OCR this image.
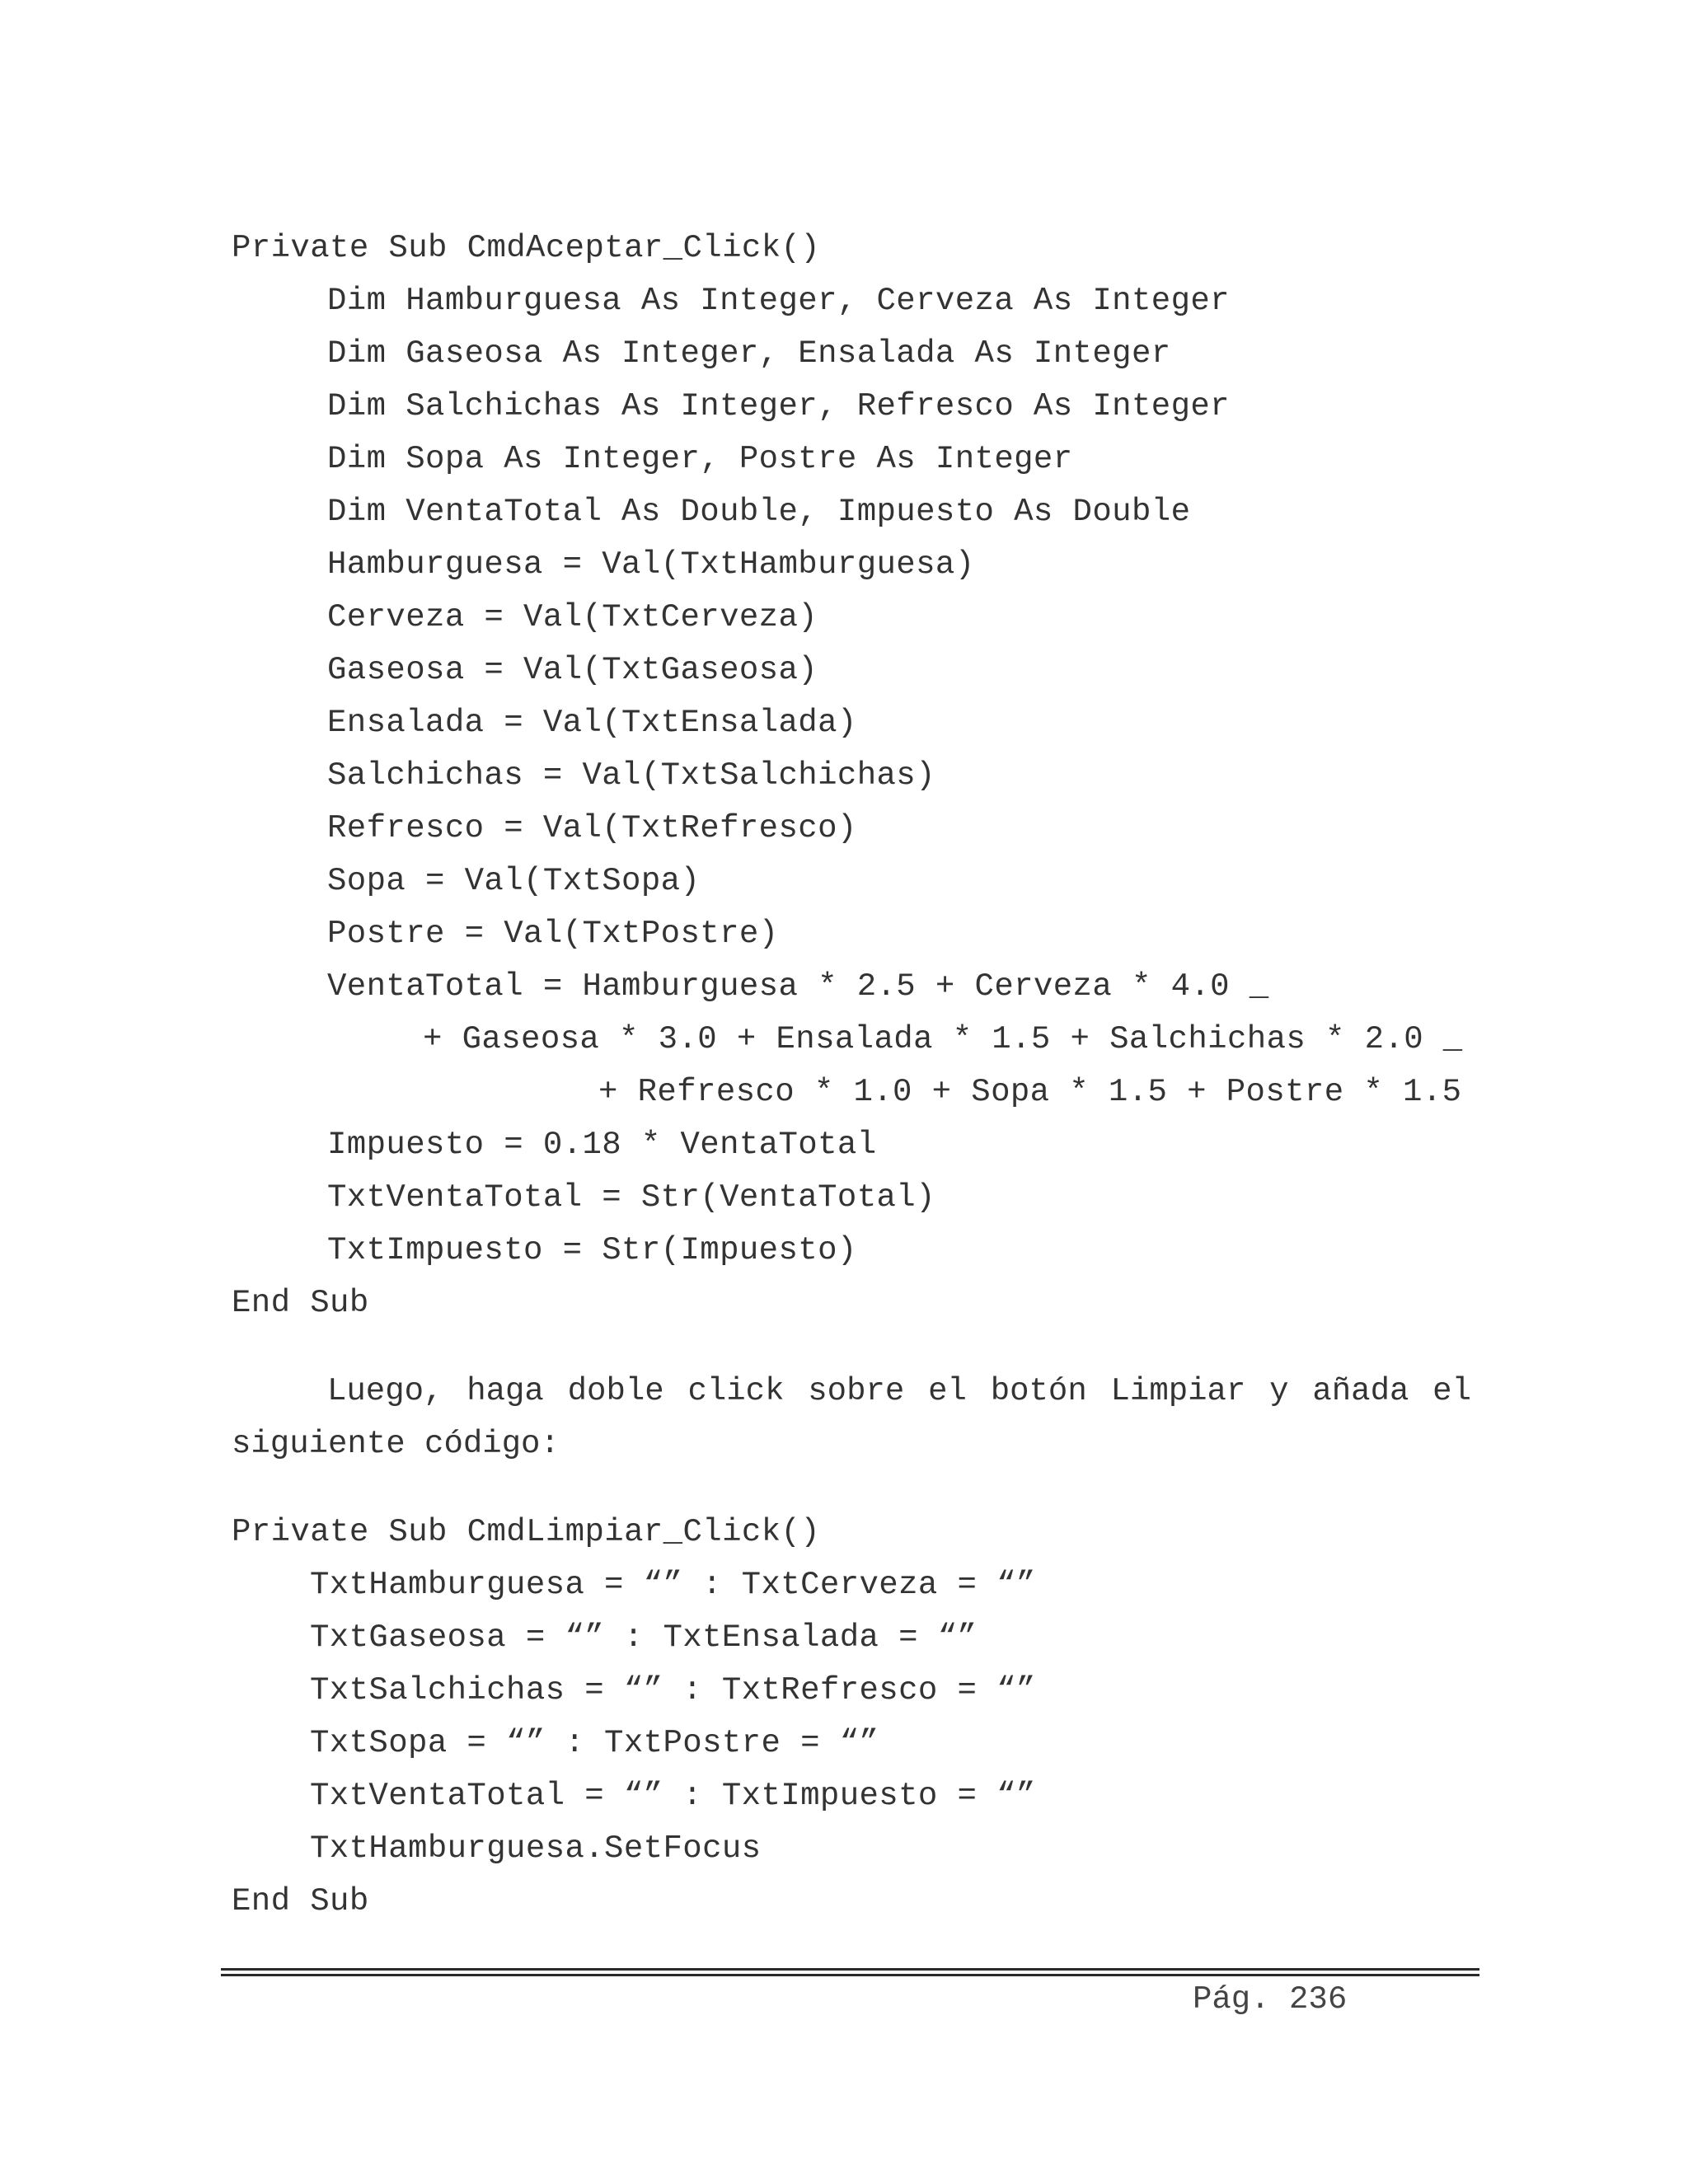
Private Sub CmdAceptar_Click()
Dim Hamburguesa As Integer, Cerveza As Integer
Dim Gaseosa As Integer, Ensalada As Integer
Dim Salchichas As Integer, Refresco As Integer
Dim Sopa As Integer, Postre As Integer
Dim VentaTotal As Double, Impuesto As Double
Hamburguesa = Val(TxtHamburguesa)
Cerveza = Val(TxtCerveza)
Gaseosa = Val(TxtGaseosa)
Ensalada = Val(TxtEnsalada)
Salchichas = Val(TxtSalchichas)
Refresco = Val(TxtRefresco)
Sopa = Val(TxtSopa)
Postre = Val(TxtPostre)
VentaTotal = Hamburguesa * 2.5 + Cerveza * 4.0 _
+ Gaseosa * 3.0 + Ensalada * 1.5 + Salchichas * 2.0 _
+ Refresco * 1.0 + Sopa * 1.5 + Postre * 1.5
Impuesto = 0.18 * VentaTotal
TxtVentaTotal = Str(VentaTotal)
TxtImpuesto = Str(Impuesto)
End Sub
Luego, haga doble click sobre el botón Limpiar y añada el
siguiente código:
Private Sub CmdLimpiar_Click()
TxtHamburguesa = “” : TxtCerveza = “”
TxtGaseosa = “” : TxtEnsalada = “”
TxtSalchichas = “” : TxtRefresco = “”
TxtSopa = “” : TxtPostre = “”
TxtVentaTotal = “” : TxtImpuesto = “”
TxtHamburguesa.SetFocus
End Sub
Pág. 236
